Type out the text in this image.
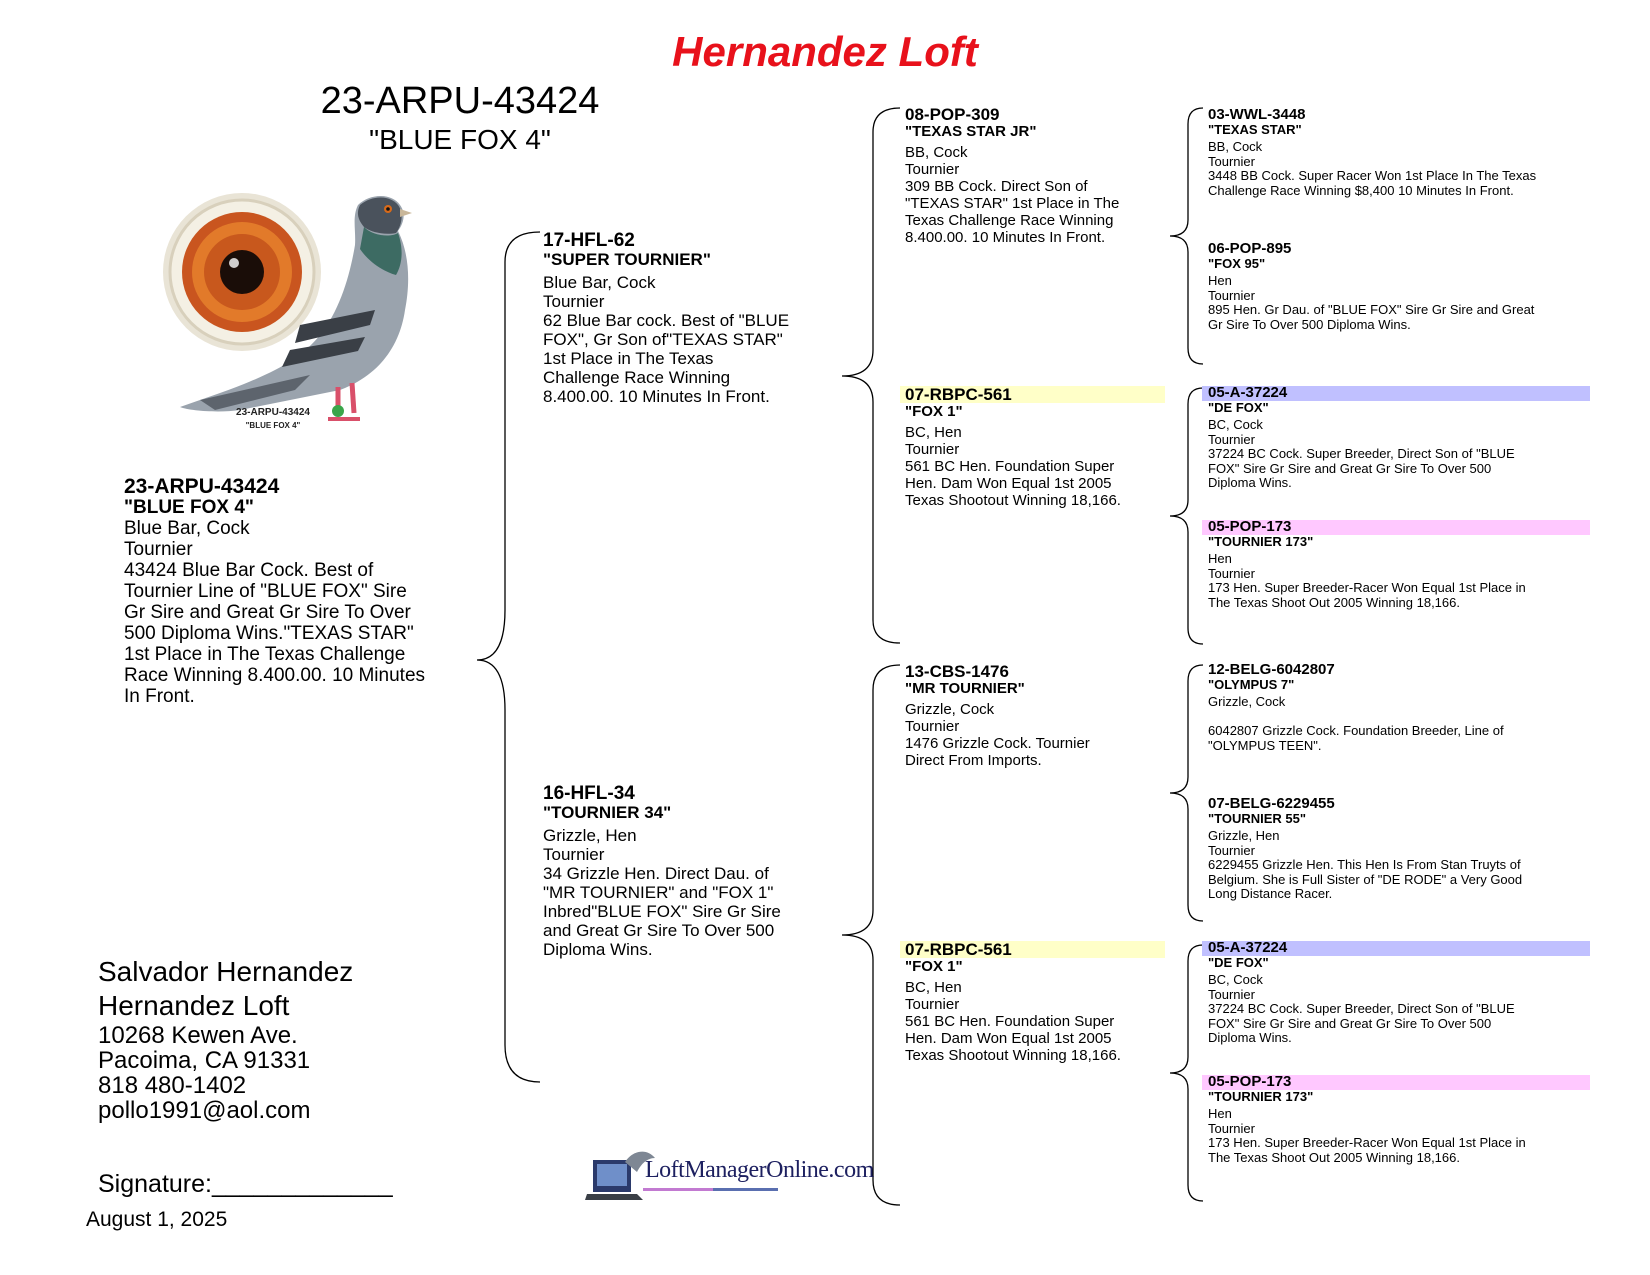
Hernandez Loft
23-ARPU-43424
"BLUE FOX 4"
23-ARPU-43424
"BLUE FOX 4"
23-ARPU-43424
"BLUE FOX 4"
Blue Bar, Cock
Tournier
43424 Blue Bar Cock. Best of
Tournier Line of "BLUE FOX" Sire
Gr Sire and Great Gr Sire To Over
500 Diploma Wins."TEXAS STAR"
1st Place in The Texas Challenge
Race Winning 8.400.00. 10 Minutes
In Front.
17-HFL-62
"SUPER TOURNIER"
Blue Bar, Cock
Tournier
62 Blue Bar cock. Best of "BLUE
FOX", Gr Son of"TEXAS STAR"
1st Place in The Texas
Challenge Race Winning
8.400.00. 10 Minutes In Front.
16-HFL-34
"TOURNIER 34"
Grizzle, Hen
Tournier
34 Grizzle Hen. Direct Dau. of
"MR TOURNIER" and "FOX 1"
Inbred"BLUE FOX" Sire Gr Sire
and Great Gr Sire To Over 500
Diploma Wins.
08-POP-309
"TEXAS STAR JR"
BB, Cock
Tournier
309 BB Cock. Direct Son of
"TEXAS STAR" 1st Place in The
Texas Challenge Race Winning
8.400.00. 10 Minutes In Front.
07-RBPC-561
"FOX 1"
BC, Hen
Tournier
561 BC Hen. Foundation Super
Hen. Dam Won Equal 1st 2005
Texas Shootout Winning 18,166.
13-CBS-1476
"MR TOURNIER"
Grizzle, Cock
Tournier
1476 Grizzle Cock. Tournier
Direct From Imports.
07-RBPC-561
"FOX 1"
BC, Hen
Tournier
561 BC Hen. Foundation Super
Hen. Dam Won Equal 1st 2005
Texas Shootout Winning 18,166.
03-WWL-3448
"TEXAS STAR"
BB, Cock
Tournier
3448 BB Cock. Super Racer Won 1st Place In The Texas
Challenge Race Winning $8,400 10 Minutes In Front.
06-POP-895
"FOX 95"
Hen
Tournier
895 Hen. Gr Dau. of "BLUE FOX" Sire Gr Sire and Great
Gr Sire To Over 500 Diploma Wins.
05-A-37224
"DE FOX"
BC, Cock
Tournier
37224 BC Cock. Super Breeder, Direct Son of "BLUE
FOX" Sire Gr Sire and Great Gr Sire To Over 500
Diploma Wins.
05-POP-173
"TOURNIER 173"
Hen
Tournier
173 Hen. Super Breeder-Racer Won Equal 1st Place in
The Texas Shoot Out 2005 Winning 18,166.
12-BELG-6042807
"OLYMPUS 7"
Grizzle, Cock
6042807 Grizzle Cock. Foundation Breeder, Line of
"OLYMPUS TEEN".
07-BELG-6229455
"TOURNIER 55"
Grizzle, Hen
Tournier
6229455 Grizzle Hen. This Hen Is From Stan Truyts of
Belgium. She is Full Sister of "DE RODE" a Very Good
Long Distance Racer.
05-A-37224
"DE FOX"
BC, Cock
Tournier
37224 BC Cock. Super Breeder, Direct Son of "BLUE
FOX" Sire Gr Sire and Great Gr Sire To Over 500
Diploma Wins.
05-POP-173
"TOURNIER 173"
Hen
Tournier
173 Hen. Super Breeder-Racer Won Equal 1st Place in
The Texas Shoot Out 2005 Winning 18,166.
Salvador Hernandez
Hernandez Loft
10268 Kewen Ave.
Pacoima, CA 91331
818 480-1402
pollo1991@aol.com
Signature:_____________
August 1, 2025
LoftManagerOnline.com
